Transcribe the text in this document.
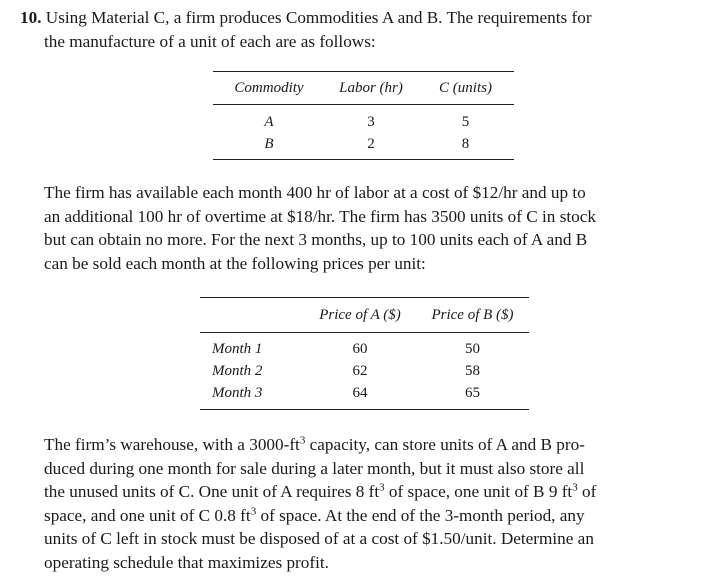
10. Using Material C, a firm produces Commodities A and B. The requirements for
the manufacture of a unit of each are as follows:

Commodity	Labor (hr)	C (units)
A	3	5
B	2	8

The firm has available each month 400 hr of labor at a cost of $12/hr and up to
an additional 100 hr of overtime at $18/hr. The firm has 3500 units of C in stock
but can obtain no more. For the next 3 months, up to 100 units each of A and B
can be sold each month at the following prices per unit:

	Price of A ($)	Price of B ($)
Month 1	60	50
Month 2	62	58
Month 3	64	65

The firm’s warehouse, with a $3000-ft^3$ capacity, can store units of A and B pro-
duced during one month for sale during a later month, but it must also store all
the unused units of C. One unit of A requires 8 $ft^3$ of space, one unit of B 9 $ft^3$ of
space, and one unit of C 0.8 $ft^3$ of space. At the end of the 3-month period, any
units of C left in stock must be disposed of at a cost of $1.50/unit. Determine an
operating schedule that maximizes profit.
